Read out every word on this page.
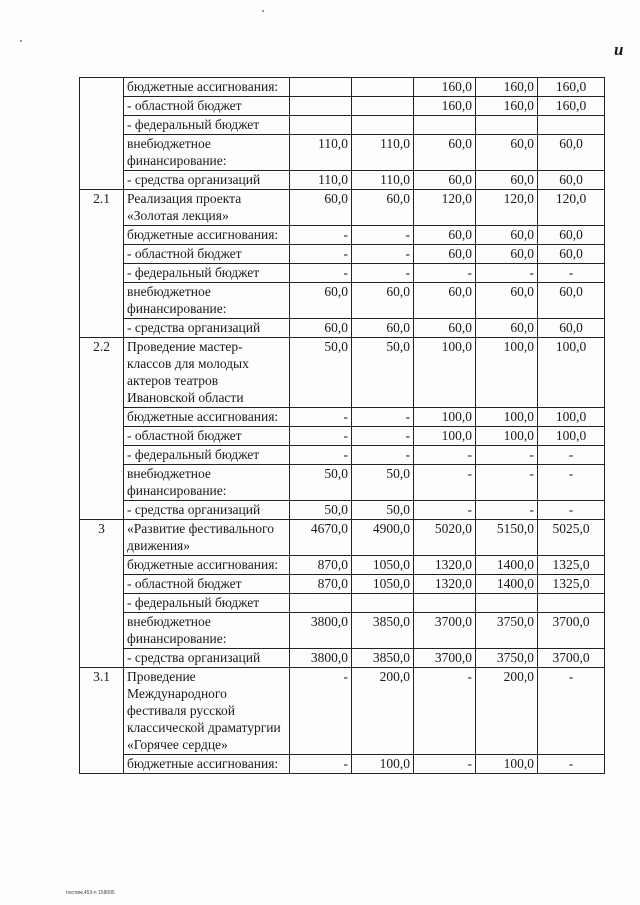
u
	бюджетные ассигнования:			160,0	160,0	160,0
	- областной бюджет			160,0	160,0	160,0
	- федеральный бюджет					
	внебюджетное финансирование:	110,0	110,0	60,0	60,0	60,0
	- средства организаций	110,0	110,0	60,0	60,0	60,0
2.1	Реализация проекта «Золотая лекция»	60,0	60,0	120,0	120,0	120,0
	бюджетные ассигнования:	-	-	60,0	60,0	60,0
	- областной бюджет	-	-	60,0	60,0	60,0
	- федеральный бюджет	-	-	-	-	-
	внебюджетное финансирование:	60,0	60,0	60,0	60,0	60,0
	- средства организаций	60,0	60,0	60,0	60,0	60,0
2.2	Проведение мастер-классов для молодых актеров театров Ивановской области	50,0	50,0	100,0	100,0	100,0
	бюджетные ассигнования:	-	-	100,0	100,0	100,0
	- областной бюджет	-	-	100,0	100,0	100,0
	- федеральный бюджет	-	-	-	-	-
	внебюджетное финансирование:	50,0	50,0	-	-	-
	- средства организаций	50,0	50,0	-	-	-
3	«Развитие фестивального движения»	4670,0	4900,0	5020,0	5150,0	5025,0
	бюджетные ассигнования:	870,0	1050,0	1320,0	1400,0	1325,0
	- областной бюджет	870,0	1050,0	1320,0	1400,0	1325,0
	- федеральный бюджет					
	внебюджетное финансирование:	3800,0	3850,0	3700,0	3750,0	3700,0
	- средства организаций	3800,0	3850,0	3700,0	3750,0	3700,0
3.1	Проведение Международного фестиваля русской классической драматургии «Горячее сердце»	-	200,0	-	200,0	-
	бюджетные ассигнования:	-	100,0	-	100,0	-
постим.453-п 158095
